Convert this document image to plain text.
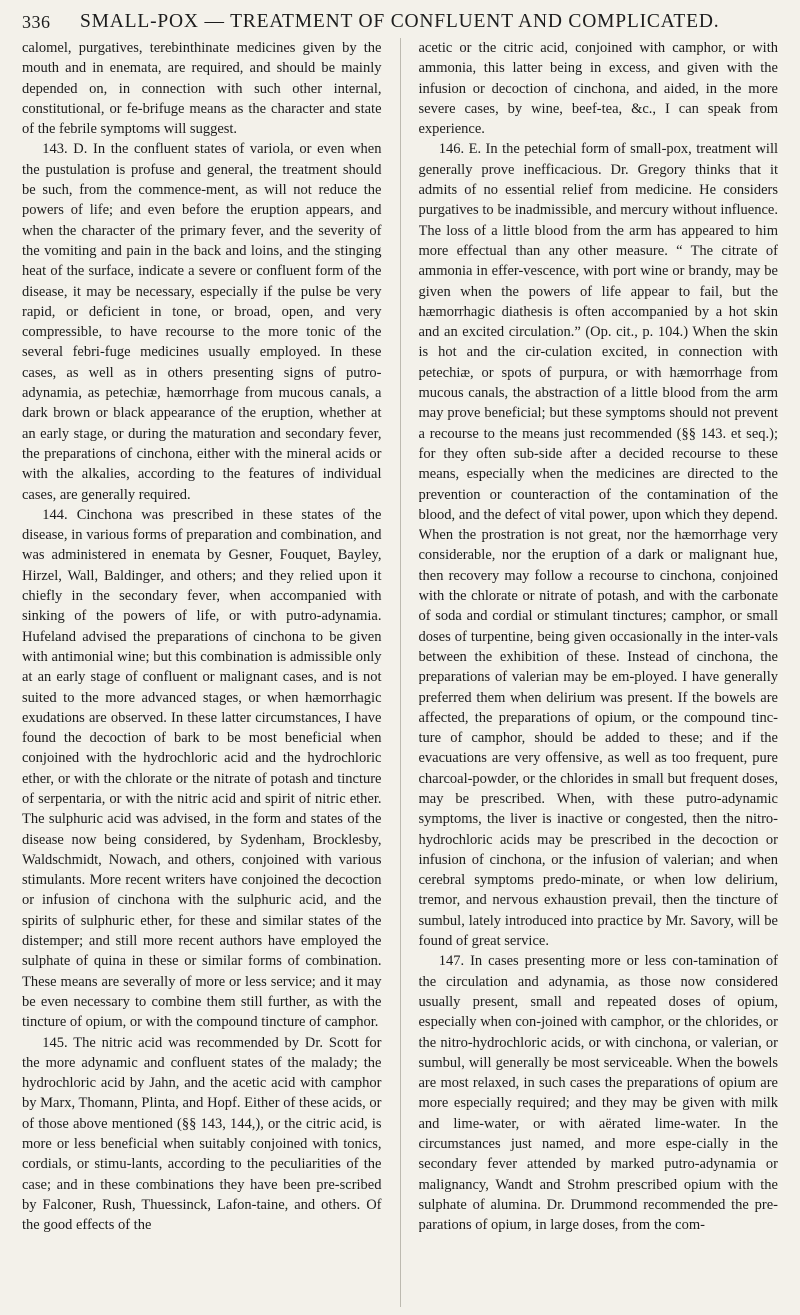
336 SMALL-POX — TREATMENT OF CONFLUENT AND COMPLICATED.

calomel, purgatives, terebinthinate medicines given by the mouth and in enemata, are required, and should be mainly depended on, in connection with such other internal, constitutional, or fe-brifuge means as the character and state of the febrile symptoms will suggest.

143. D. In the confluent states of variola, or even when the pustulation is profuse and general, the treatment should be such, from the commence-ment, as will not reduce the powers of life; and even before the eruption appears, and when the character of the primary fever, and the severity of the vomiting and pain in the back and loins, and the stinging heat of the surface, indicate a severe or confluent form of the disease, it may be necessary, especially if the pulse be very rapid, or deficient in tone, or broad, open, and very compressible, to have recourse to the more tonic of the several febri-fuge medicines usually employed. In these cases, as well as in others presenting signs of putro-adynamia, as petechiæ, hæmorrhage from mucous canals, a dark brown or black appearance of the eruption, whether at an early stage, or during the maturation and secondary fever, the preparations of cinchona, either with the mineral acids or with the alkalies, according to the features of individual cases, are generally required.

144. Cinchona was prescribed in these states of the disease, in various forms of preparation and combination, and was administered in enemata by Gesner, Fouquet, Bayley, Hirzel, Wall, Baldinger, and others; and they relied upon it chiefly in the secondary fever, when accompanied with sinking of the powers of life, or with putro-adynamia. Hufeland advised the preparations of cinchona to be given with antimonial wine; but this combination is admissible only at an early stage of confluent or malignant cases, and is not suited to the more advanced stages, or when hæmorrhagic exudations are observed. In these latter circumstances, I have found the decoction of bark to be most beneficial when conjoined with the hydrochloric acid and the hydrochloric ether, or with the chlorate or the nitrate of potash and tincture of serpentaria, or with the nitric acid and spirit of nitric ether. The sulphuric acid was advised, in the form and states of the disease now being considered, by Sydenham, Brocklesby, Waldschmidt, Nowach, and others, conjoined with various stimulants. More recent writers have conjoined the decoction or infusion of cinchona with the sulphuric acid, and the spirits of sulphuric ether, for these and similar states of the distemper; and still more recent authors have employed the sulphate of quina in these or similar forms of combination. These means are severally of more or less service; and it may be even necessary to combine them still further, as with the tincture of opium, or with the compound tincture of camphor.

145. The nitric acid was recommended by Dr. Scott for the more adynamic and confluent states of the malady; the hydrochloric acid by Jahn, and the acetic acid with camphor by Marx, Thomann, Plinta, and Hopf. Either of these acids, or of those above mentioned (§§ 143, 144,), or the citric acid, is more or less beneficial when suitably conjoined with tonics, cordials, or stimu-lants, according to the peculiarities of the case; and in these combinations they have been pre-scribed by Falconer, Rush, Thuessinck, Lafon-taine, and others. Of the good effects of the

acetic or the citric acid, conjoined with camphor, or with ammonia, this latter being in excess, and given with the infusion or decoction of cinchona, and aided, in the more severe cases, by wine, beef-tea, &c., I can speak from experience.

146. E. In the petechial form of small-pox, treatment will generally prove inefficacious. Dr. Gregory thinks that it admits of no essential relief from medicine. He considers purgatives to be inadmissible, and mercury without influence. The loss of a little blood from the arm has appeared to him more effectual than any other measure. “ The citrate of ammonia in effer-vescence, with port wine or brandy, may be given when the powers of life appear to fail, but the hæmorrhagic diathesis is often accompanied by a hot skin and an excited circulation.” (Op. cit., p. 104.) When the skin is hot and the cir-culation excited, in connection with petechiæ, or spots of purpura, or with hæmorrhage from mucous canals, the abstraction of a little blood from the arm may prove beneficial; but these symptoms should not prevent a recourse to the means just recommended (§§ 143. et seq.); for they often sub-side after a decided recourse to these means, especially when the medicines are directed to the prevention or counteraction of the contamination of the blood, and the defect of vital power, upon which they depend. When the prostration is not great, nor the hæmorrhage very considerable, nor the eruption of a dark or malignant hue, then recovery may follow a recourse to cinchona, conjoined with the chlorate or nitrate of potash, and with the carbonate of soda and cordial or stimulant tinctures; camphor, or small doses of turpentine, being given occasionally in the inter-vals between the exhibition of these. Instead of cinchona, the preparations of valerian may be em-ployed. I have generally preferred them when delirium was present. If the bowels are affected, the preparations of opium, or the compound tinc-ture of camphor, should be added to these; and if the evacuations are very offensive, as well as too frequent, pure charcoal-powder, or the chlorides in small but frequent doses, may be prescribed. When, with these putro-adynamic symptoms, the liver is inactive or congested, then the nitro-hydrochloric acids may be prescribed in the decoction or infusion of cinchona, or the infusion of valerian; and when cerebral symptoms predo-minate, or when low delirium, tremor, and nervous exhaustion prevail, then the tincture of sumbul, lately introduced into practice by Mr. Savory, will be found of great service.

147. In cases presenting more or less con-tamination of the circulation and adynamia, as those now considered usually present, small and repeated doses of opium, especially when con-joined with camphor, or the chlorides, or the nitro-hydrochloric acids, or with cinchona, or valerian, or sumbul, will generally be most serviceable. When the bowels are most relaxed, in such cases the preparations of opium are more especially required; and they may be given with milk and lime-water, or with aërated lime-water. In the circumstances just named, and more espe-cially in the secondary fever attended by marked putro-adynamia or malignancy, Wandt and Strohm prescribed opium with the sulphate of alumina. Dr. Drummond recommended the pre-parations of opium, in large doses, from the com-
